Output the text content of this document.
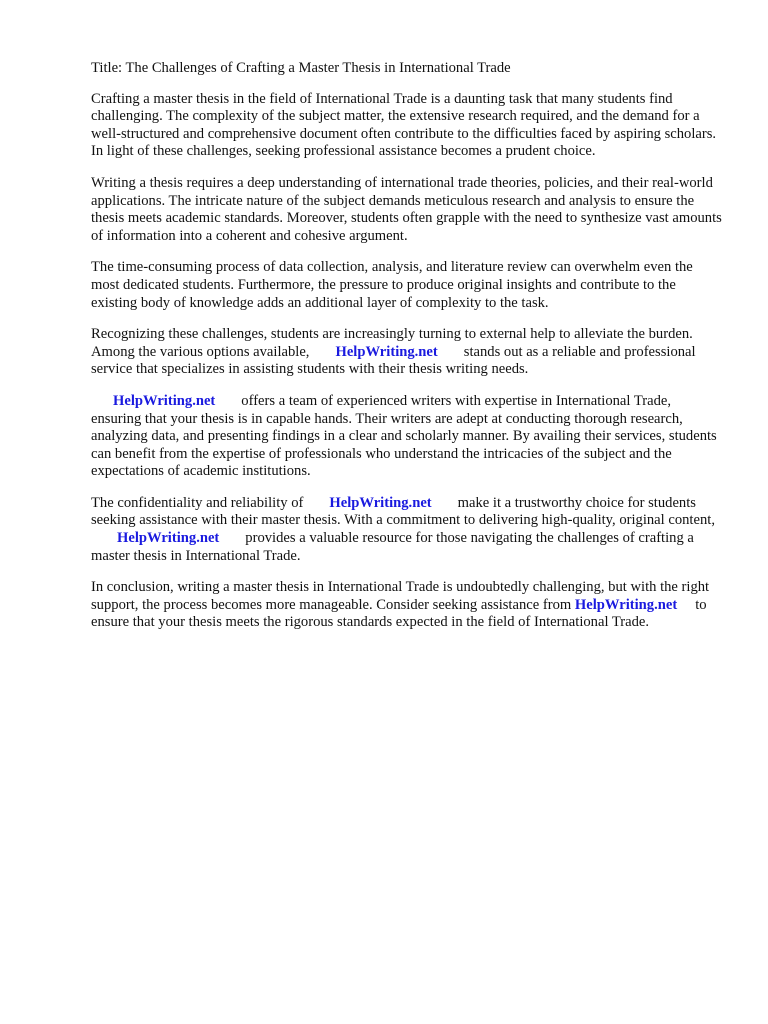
Title: The Challenges of Crafting a Master Thesis in International Trade

Crafting a master thesis in the field of International Trade is a daunting task that many students find challenging. The complexity of the subject matter, the extensive research required, and the demand for a well-structured and comprehensive document often contribute to the difficulties faced by aspiring scholars. In light of these challenges, seeking professional assistance becomes a prudent choice.

Writing a thesis requires a deep understanding of international trade theories, policies, and their real-world applications. The intricate nature of the subject demands meticulous research and analysis to ensure the thesis meets academic standards. Moreover, students often grapple with the need to synthesize vast amounts of information into a coherent and cohesive argument.

The time-consuming process of data collection, analysis, and literature review can overwhelm even the most dedicated students. Furthermore, the pressure to produce original insights and contribute to the existing body of knowledge adds an additional layer of complexity to the task.

Recognizing these challenges, students are increasingly turning to external help to alleviate the burden. Among the various options available, HelpWriting.net stands out as a reliable and professional service that specializes in assisting students with their thesis writing needs.

HelpWriting.net offers a team of experienced writers with expertise in International Trade, ensuring that your thesis is in capable hands. Their writers are adept at conducting thorough research, analyzing data, and presenting findings in a clear and scholarly manner. By availing their services, students can benefit from the expertise of professionals who understand the intricacies of the subject and the expectations of academic institutions.

The confidentiality and reliability of HelpWriting.net make it a trustworthy choice for students seeking assistance with their master thesis. With a commitment to delivering high-quality, original content,HelpWriting.net provides a valuable resource for those navigating the challenges of crafting a master thesis in International Trade.

In conclusion, writing a master thesis in International Trade is undoubtedly challenging, but with the right support, the process becomes more manageable. Consider seeking assistance from HelpWriting.net to ensure that your thesis meets the rigorous standards expected in the field of International Trade.
